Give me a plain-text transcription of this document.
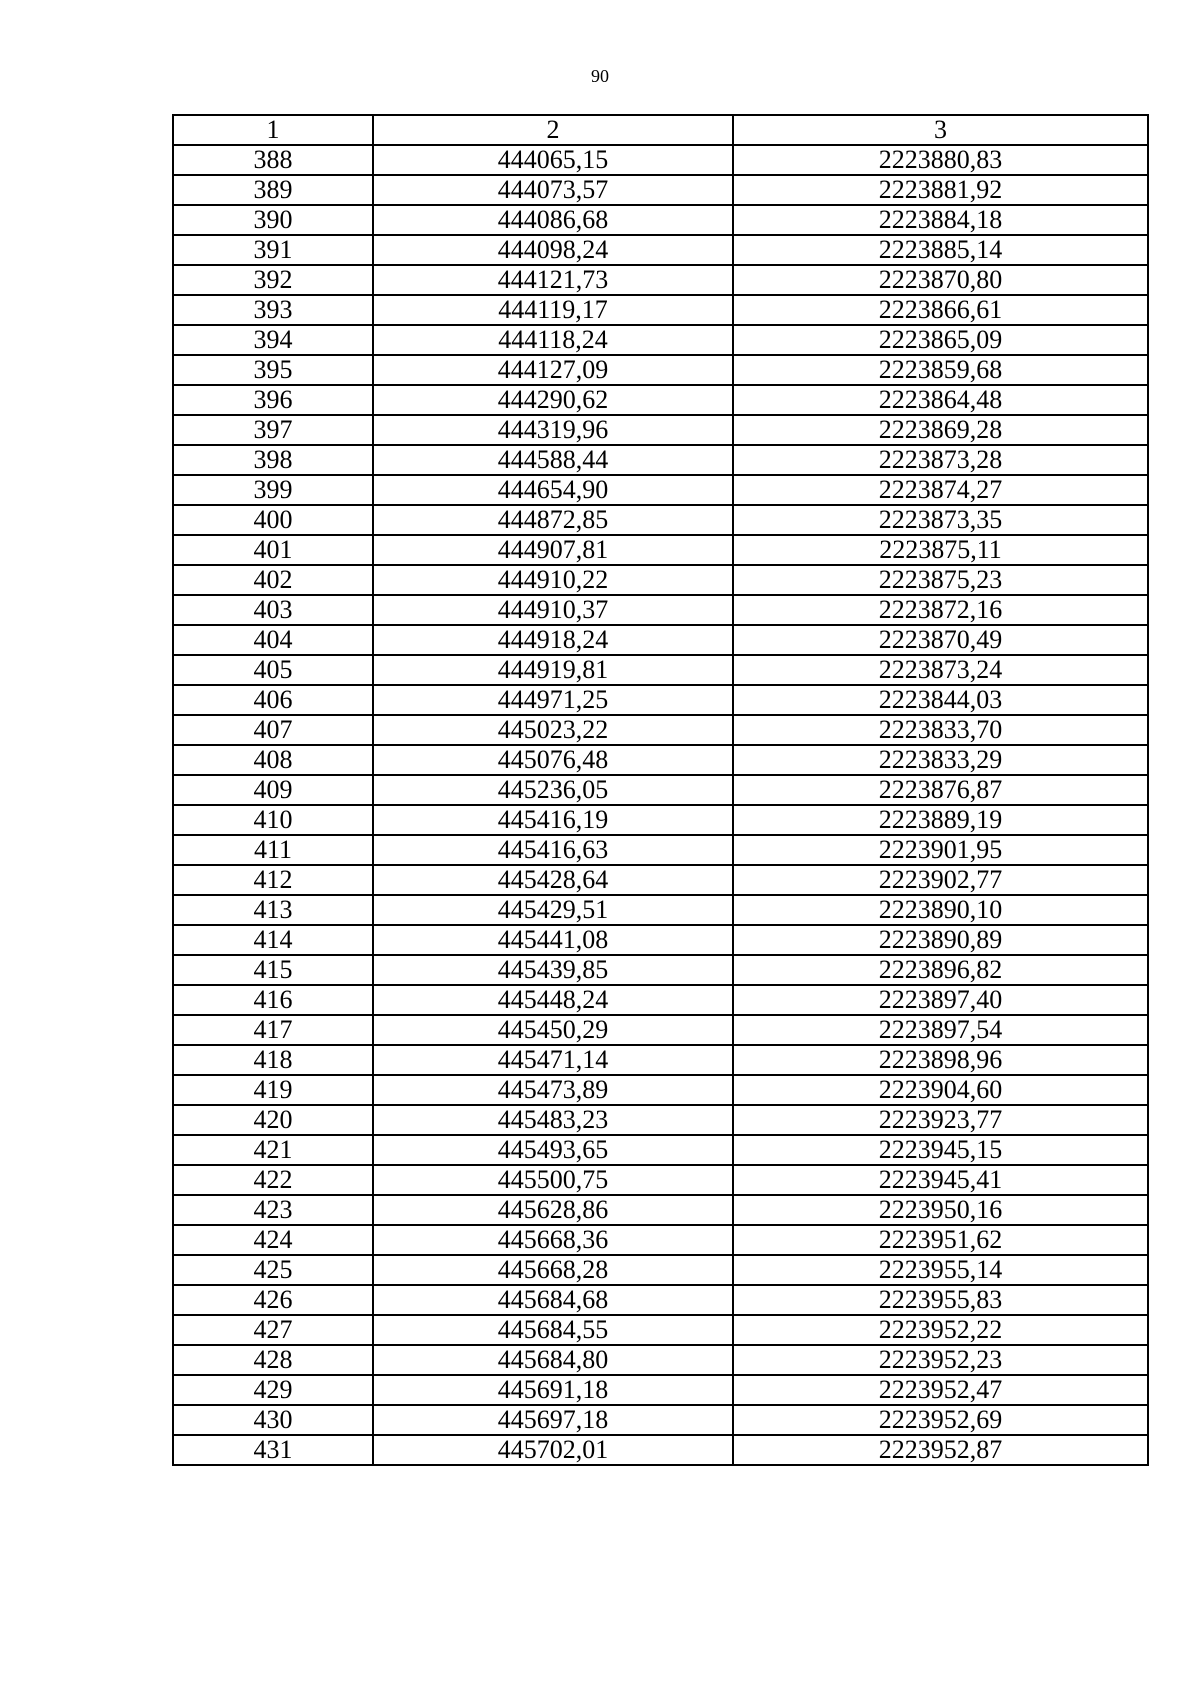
90
1	2	3
388	444065,15	2223880,83
389	444073,57	2223881,92
390	444086,68	2223884,18
391	444098,24	2223885,14
392	444121,73	2223870,80
393	444119,17	2223866,61
394	444118,24	2223865,09
395	444127,09	2223859,68
396	444290,62	2223864,48
397	444319,96	2223869,28
398	444588,44	2223873,28
399	444654,90	2223874,27
400	444872,85	2223873,35
401	444907,81	2223875,11
402	444910,22	2223875,23
403	444910,37	2223872,16
404	444918,24	2223870,49
405	444919,81	2223873,24
406	444971,25	2223844,03
407	445023,22	2223833,70
408	445076,48	2223833,29
409	445236,05	2223876,87
410	445416,19	2223889,19
411	445416,63	2223901,95
412	445428,64	2223902,77
413	445429,51	2223890,10
414	445441,08	2223890,89
415	445439,85	2223896,82
416	445448,24	2223897,40
417	445450,29	2223897,54
418	445471,14	2223898,96
419	445473,89	2223904,60
420	445483,23	2223923,77
421	445493,65	2223945,15
422	445500,75	2223945,41
423	445628,86	2223950,16
424	445668,36	2223951,62
425	445668,28	2223955,14
426	445684,68	2223955,83
427	445684,55	2223952,22
428	445684,80	2223952,23
429	445691,18	2223952,47
430	445697,18	2223952,69
431	445702,01	2223952,87
